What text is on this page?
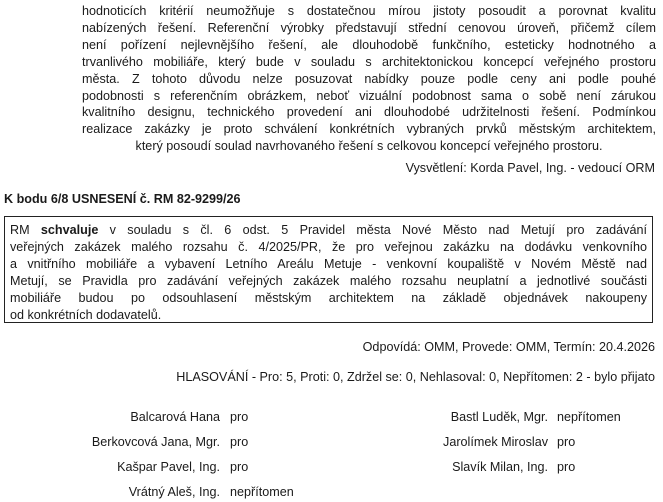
hodnoticích kritérií neumožňuje s dostatečnou mírou jistoty posoudit a porovnat kvalitu
nabízených řešení. Referenční výrobky představují střední cenovou úroveň, přičemž cílem
není pořízení nejlevnějšího řešení, ale dlouhodobě funkčního, esteticky hodnotného a
trvanlivého mobiliáře, který bude v souladu s architektonickou koncepcí veřejného prostoru
města. Z tohoto důvodu nelze posuzovat nabídky pouze podle ceny ani podle pouhé
podobnosti s referenčním obrázkem, neboť vizuální podobnost sama o sobě není zárukou
kvalitního designu, technického provedení ani dlouhodobé udržitelnosti řešení. Podmínkou
realizace zakázky je proto schválení konkrétních vybraných prvků městským architektem,
který posoudí soulad navrhovaného řešení s celkovou koncepcí veřejného prostoru.
Vysvětlení: Korda Pavel, Ing. - vedoucí ORM
K bodu 6/8 USNESENÍ č. RM 82-9299/26
RM schvaluje v souladu s čl. 6 odst. 5 Pravidel města Nové Město nad Metují pro zadávání
veřejných zakázek malého rozsahu č. 4/2025/PR, že pro veřejnou zakázku na dodávku venkovního
a vnitřního mobiliáře a vybavení Letního Areálu Metuje - venkovní koupaliště v Novém Městě nad
Metují, se Pravidla pro zadávání veřejných zakázek malého rozsahu neuplatní a jednotlivé součásti
mobiliáře budou po odsouhlasení městským architektem na základě objednávek nakoupeny
od konkrétních dodavatelů.
Odpovídá: OMM, Provede: OMM, Termín: 20.4.2026
HLASOVÁNÍ - Pro: 5, Proti: 0, Zdržel se: 0, Nehlasoval: 0, Nepřítomen: 2 - bylo přijato
Balcarová Hana pro	Bastl Luděk, Mgr. nepřítomen
Berkovcová Jana, Mgr. pro	Jarolímek Miroslav pro
Kašpar Pavel, Ing. pro	Slavík Milan, Ing. pro
Vrátný Aleš, Ing. nepřítomen
